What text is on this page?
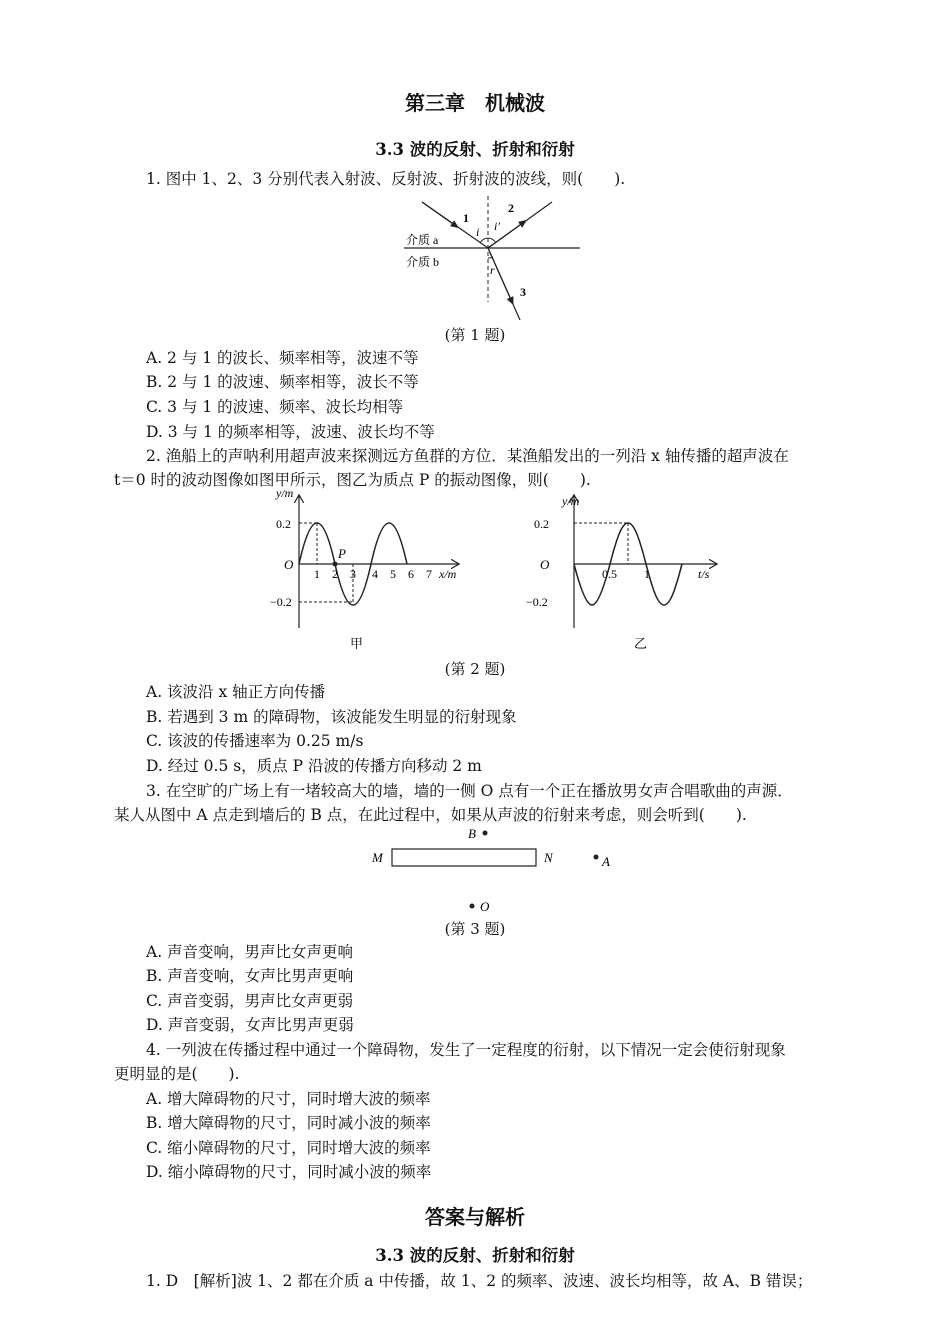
第三章　机械波
3.3 波的反射、折射和衍射
1. 图中 1、2、3 分别代表入射波、反射波、折射波的波线，则(　　).
介质 a
介质 b
1
2
3
i i′
r
(第 1 题)
A. 2 与 1 的波长、频率相等，波速不等
B. 2 与 1 的波速、频率相等，波长不等
C. 3 与 1 的波速、频率、波长均相等
D. 3 与 1 的频率相等，波速、波长均不等
2. 渔船上的声呐利用超声波来探测远方鱼群的方位．某渔船发出的一列沿 x 轴传播的超声波在
t＝0 时的波动图像如图甲所示，图乙为质点 P 的振动图像，则(　　).
y/m
0.2
−0.2
O
P
1 2 3 4 5 6 7 x/m
甲
y/m
0.2
−0.2
O
0.5 1	t/s
乙
(第 2 题)
A. 该波沿 x 轴正方向传播
B. 若遇到 3 m 的障碍物，该波能发生明显的衍射现象
C. 该波的传播速率为 0.25 m/s
D. 经过 0.5 s，质点 P 沿波的传播方向移动 2 m
3. 在空旷的广场上有一堵较高大的墙，墙的一侧 O 点有一个正在播放男女声合唱歌曲的声源．
某人从图中 A 点走到墙后的 B 点，在此过程中，如果从声波的衍射来考虑，则会听到(　　).
B
M	N	A
O
(第 3 题)
A. 声音变响，男声比女声更响
B. 声音变响，女声比男声更响
C. 声音变弱，男声比女声更弱
D. 声音变弱，女声比男声更弱
4. 一列波在传播过程中通过一个障碍物，发生了一定程度的衍射，以下情况一定会使衍射现象
更明显的是(　　).
A. 增大障碍物的尺寸，同时增大波的频率
B. 增大障碍物的尺寸，同时减小波的频率
C. 缩小障碍物的尺寸，同时增大波的频率
D. 缩小障碍物的尺寸，同时减小波的频率
答案与解析
3.3 波的反射、折射和衍射
1. D　[解析]波 1、2 都在介质 a 中传播，故 1、2 的频率、波速、波长均相等，故 A、B 错误；
